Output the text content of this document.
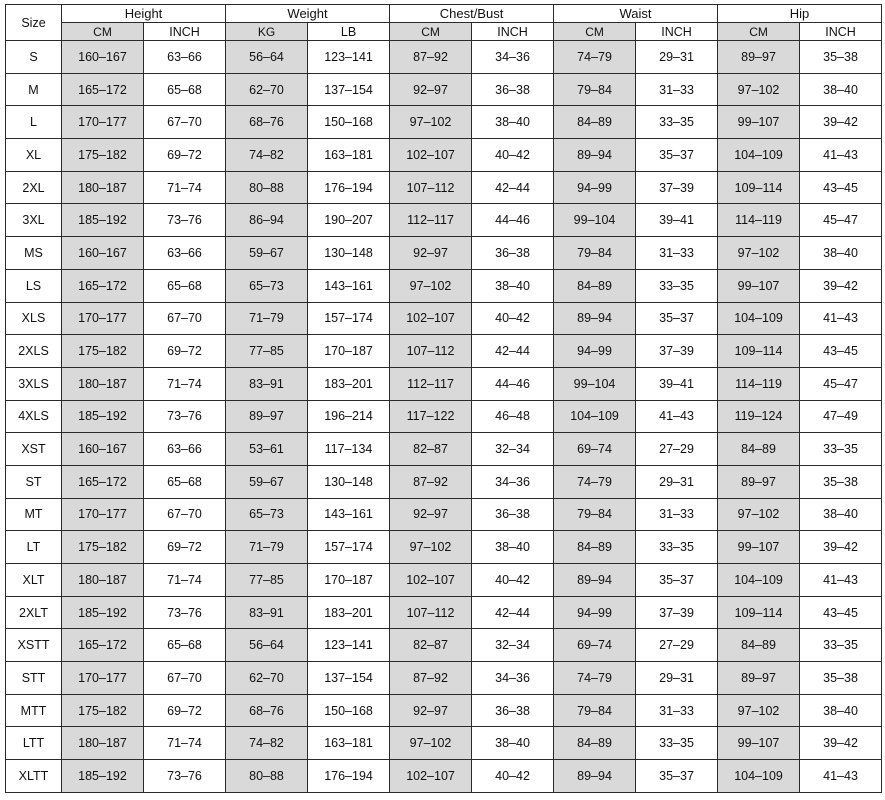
Size	Height		Weight		Chest/Bust		Waist		Hip	
	CM	INCH	KG	LB	CM	INCH	CM	INCH	CM	INCH
S	160–167	63–66	56–64	123–141	87–92	34–36	74–79	29–31	89–97	35–38
M	165–172	65–68	62–70	137–154	92–97	36–38	79–84	31–33	97–102	38–40
L	170–177	67–70	68–76	150–168	97–102	38–40	84–89	33–35	99–107	39–42
XL	175–182	69–72	74–82	163–181	102–107	40–42	89–94	35–37	104–109	41–43
2XL	180–187	71–74	80–88	176–194	107–112	42–44	94–99	37–39	109–114	43–45
3XL	185–192	73–76	86–94	190–207	112–117	44–46	99–104	39–41	114–119	45–47
MS	160–167	63–66	59–67	130–148	92–97	36–38	79–84	31–33	97–102	38–40
LS	165–172	65–68	65–73	143–161	97–102	38–40	84–89	33–35	99–107	39–42
XLS	170–177	67–70	71–79	157–174	102–107	40–42	89–94	35–37	104–109	41–43
2XLS	175–182	69–72	77–85	170–187	107–112	42–44	94–99	37–39	109–114	43–45
3XLS	180–187	71–74	83–91	183–201	112–117	44–46	99–104	39–41	114–119	45–47
4XLS	185–192	73–76	89–97	196–214	117–122	46–48	104–109	41–43	119–124	47–49
XST	160–167	63–66	53–61	117–134	82–87	32–34	69–74	27–29	84–89	33–35
ST	165–172	65–68	59–67	130–148	87–92	34–36	74–79	29–31	89–97	35–38
MT	170–177	67–70	65–73	143–161	92–97	36–38	79–84	31–33	97–102	38–40
LT	175–182	69–72	71–79	157–174	97–102	38–40	84–89	33–35	99–107	39–42
XLT	180–187	71–74	77–85	170–187	102–107	40–42	89–94	35–37	104–109	41–43
2XLT	185–192	73–76	83–91	183–201	107–112	42–44	94–99	37–39	109–114	43–45
XSTT	165–172	65–68	56–64	123–141	82–87	32–34	69–74	27–29	84–89	33–35
STT	170–177	67–70	62–70	137–154	87–92	34–36	74–79	29–31	89–97	35–38
MTT	175–182	69–72	68–76	150–168	92–97	36–38	79–84	31–33	97–102	38–40
LTT	180–187	71–74	74–82	163–181	97–102	38–40	84–89	33–35	99–107	39–42
XLTT	185–192	73–76	80–88	176–194	102–107	40–42	89–94	35–37	104–109	41–43
